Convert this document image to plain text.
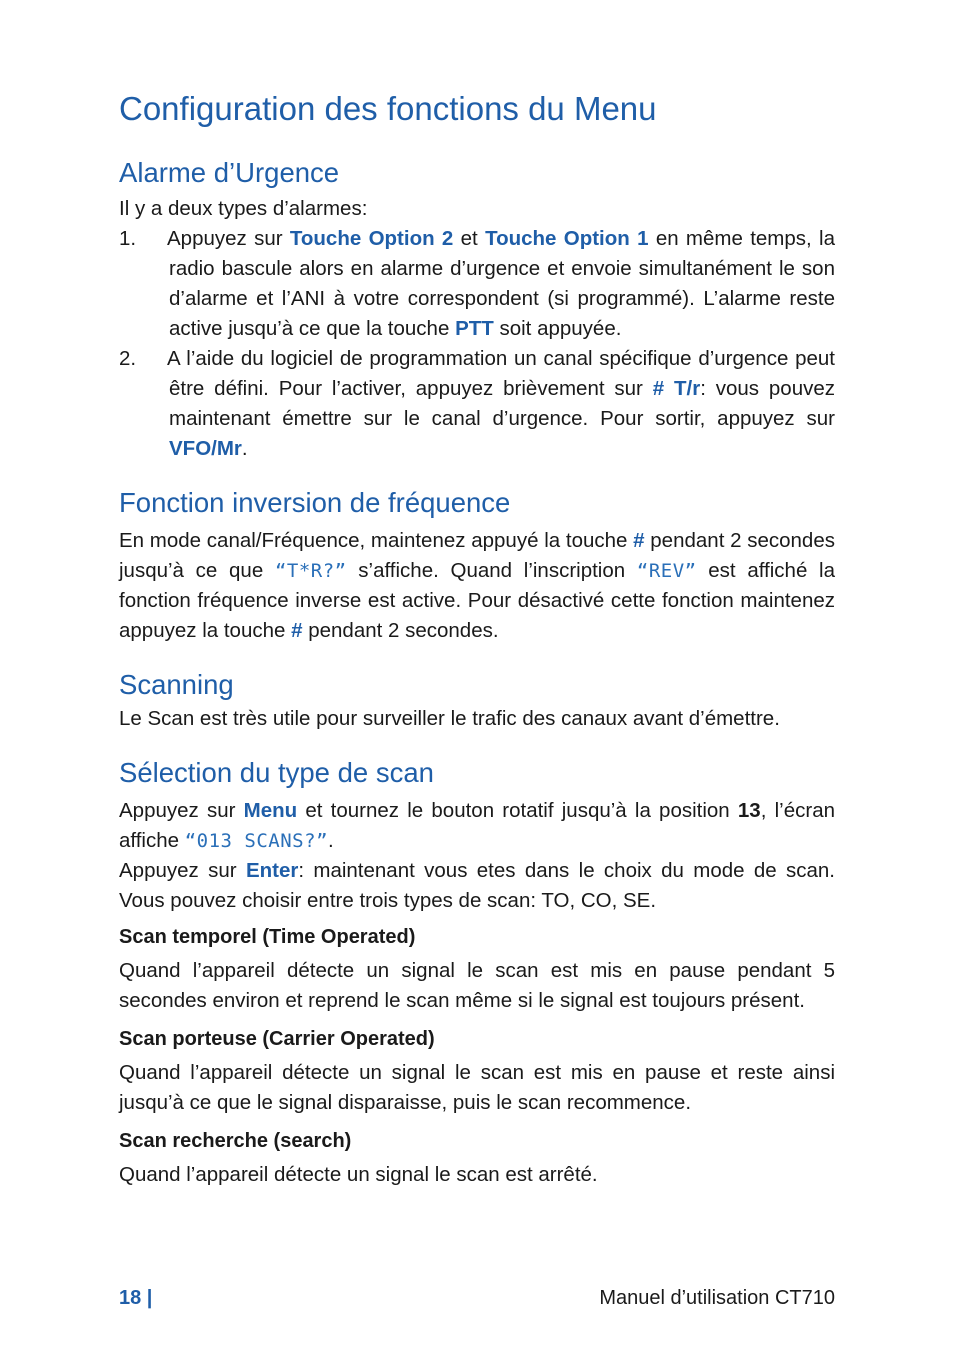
Configuration des fonctions du Menu
Alarme d’Urgence

Il y a deux types d’alarmes:

1. Appuyez sur Touche Option 2 et Touche Option 1 en même temps, la radio bascule alors en alarme d’urgence et envoie simultanément le son d’alarme et l’ANI à votre correspondent (si programmé). L’alarme reste active jusqu’à ce que la touche PTT soit appuyée.
2. A l’aide du logiciel de programmation un canal spécifique d’urgence peut être défini. Pour l’activer, appuyez brièvement sur # T/r: vous pouvez maintenant émettre sur le canal d’urgence. Pour sortir, appuyez sur VFO/Mr.
Fonction inversion de fréquence

En mode canal/Fréquence, maintenez appuyé la touche # pendant 2 secondes jusqu’à ce que “T*R?” s’affiche. Quand l’inscription “REV” est affiché la fonction fréquence inverse est active. Pour désactivé cette fonction maintenez appuyez la touche # pendant 2 secondes.

Scanning

Le Scan est très utile pour surveiller le trafic des canaux avant d’émettre.

Sélection du type de scan

Appuyez sur Menu et tournez le bouton rotatif jusqu’à la position 13, l’écran affiche “013 SCANS?”.

Appuyez sur Enter: maintenant vous etes dans le choix du mode de scan. Vous pouvez choisir entre trois types de scan: TO, CO, SE.

Scan temporel (Time Operated)

Quand l’appareil détecte un signal le scan est mis en pause pendant 5 secondes environ et reprend le scan même si le signal est toujours présent.

Scan porteuse (Carrier Operated)

Quand l’appareil détecte un signal le scan est mis en pause et reste ainsi jusqu’à ce que le signal disparaisse, puis le scan recommence.

Scan recherche (search)

Quand l’appareil détecte un signal le scan est arrêté.

18 |	Manuel d’utilisation CT710
